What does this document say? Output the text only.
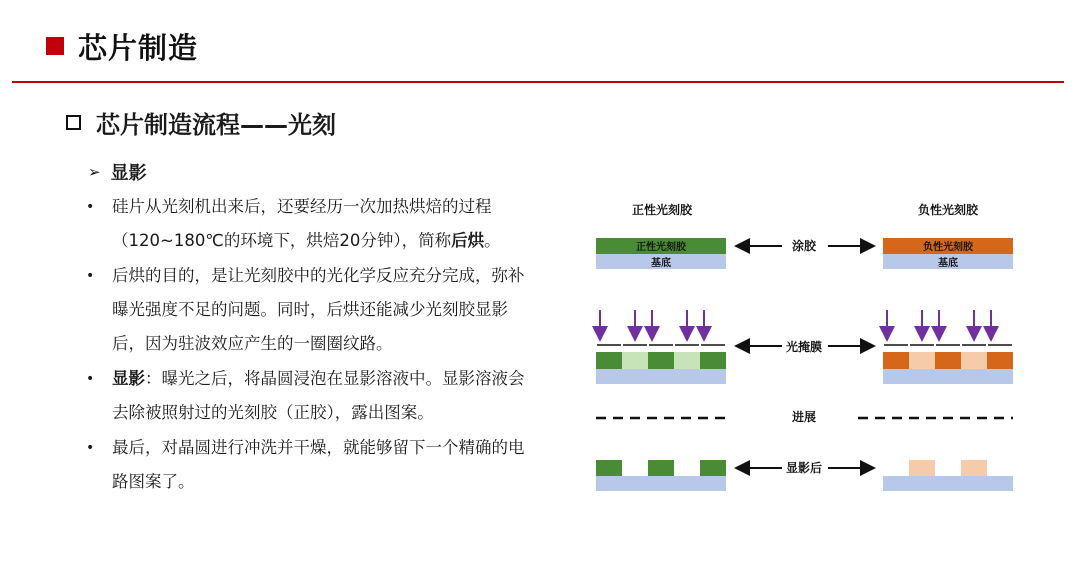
芯片制造
芯片制造流程——光刻
➢ 显影
• 硅片从光刻机出来后，还要经历一次加热烘焙的过程（120~180℃的环境下，烘焙20分钟），简称后烘。
• 后烘的目的，是让光刻胶中的光化学反应充分完成，弥补曝光强度不足的问题。同时，后烘还能减少光刻胶显影后，因为驻波效应产生的一圈圈纹路。
• 显影：曝光之后，将晶圆浸泡在显影溶液中。显影溶液会去除被照射过的光刻胶（正胶），露出图案。
• 最后，对晶圆进行冲洗并干燥，就能够留下一个精确的电路图案了。
正性光刻胶	负性光刻胶
正性光刻胶
基底
负性光刻胶
基底
涂胶
光掩膜
进展
显影后
